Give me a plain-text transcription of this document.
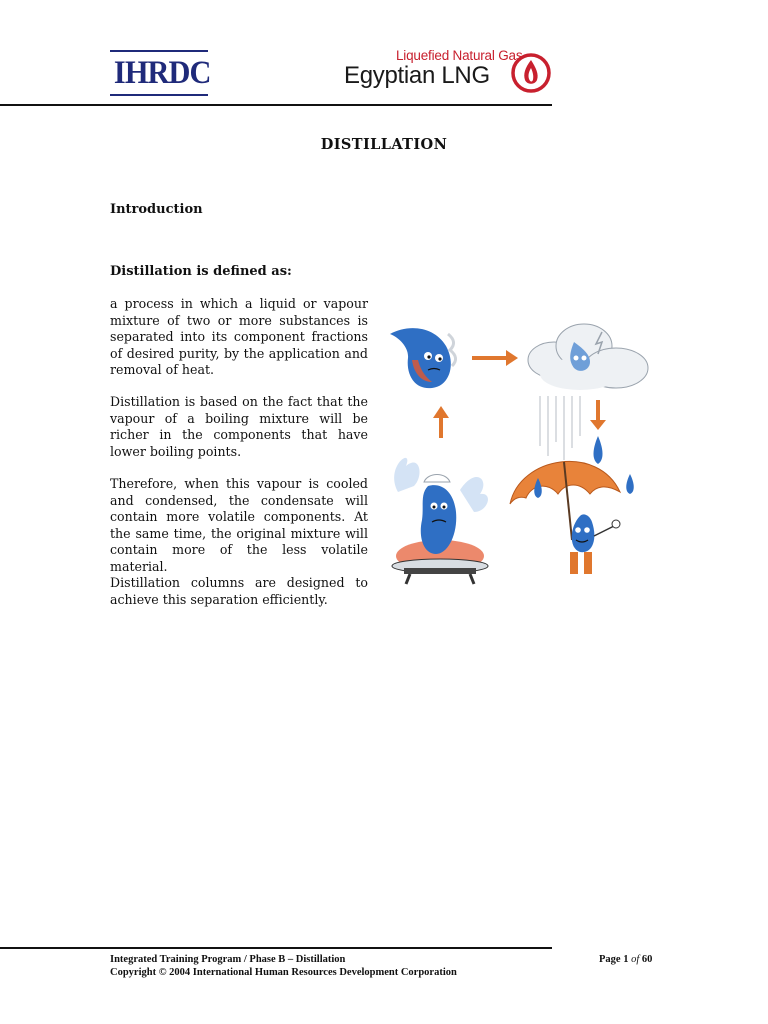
IHRDC	Liquefied Natural Gas
Egyptian LNG
DISTILLATION
Introduction
Distillation is defined as:
a process in which a liquid or vapour mixture of two or more substances is separated into its component fractions of desired purity, by the application and removal of heat.
Distillation is based on the fact that the vapour of a boiling mixture will be richer in the components that have lower boiling points.
Therefore, when this vapour is cooled and condensed, the condensate will contain more volatile components. At the same time, the original mixture will contain more of the less volatile material.
Distillation columns are designed to achieve this separation efficiently.
Integrated Training Program / Phase B – Distillation
Copyright © 2004 International Human Resources Development Corporation
Page 1 of 60
